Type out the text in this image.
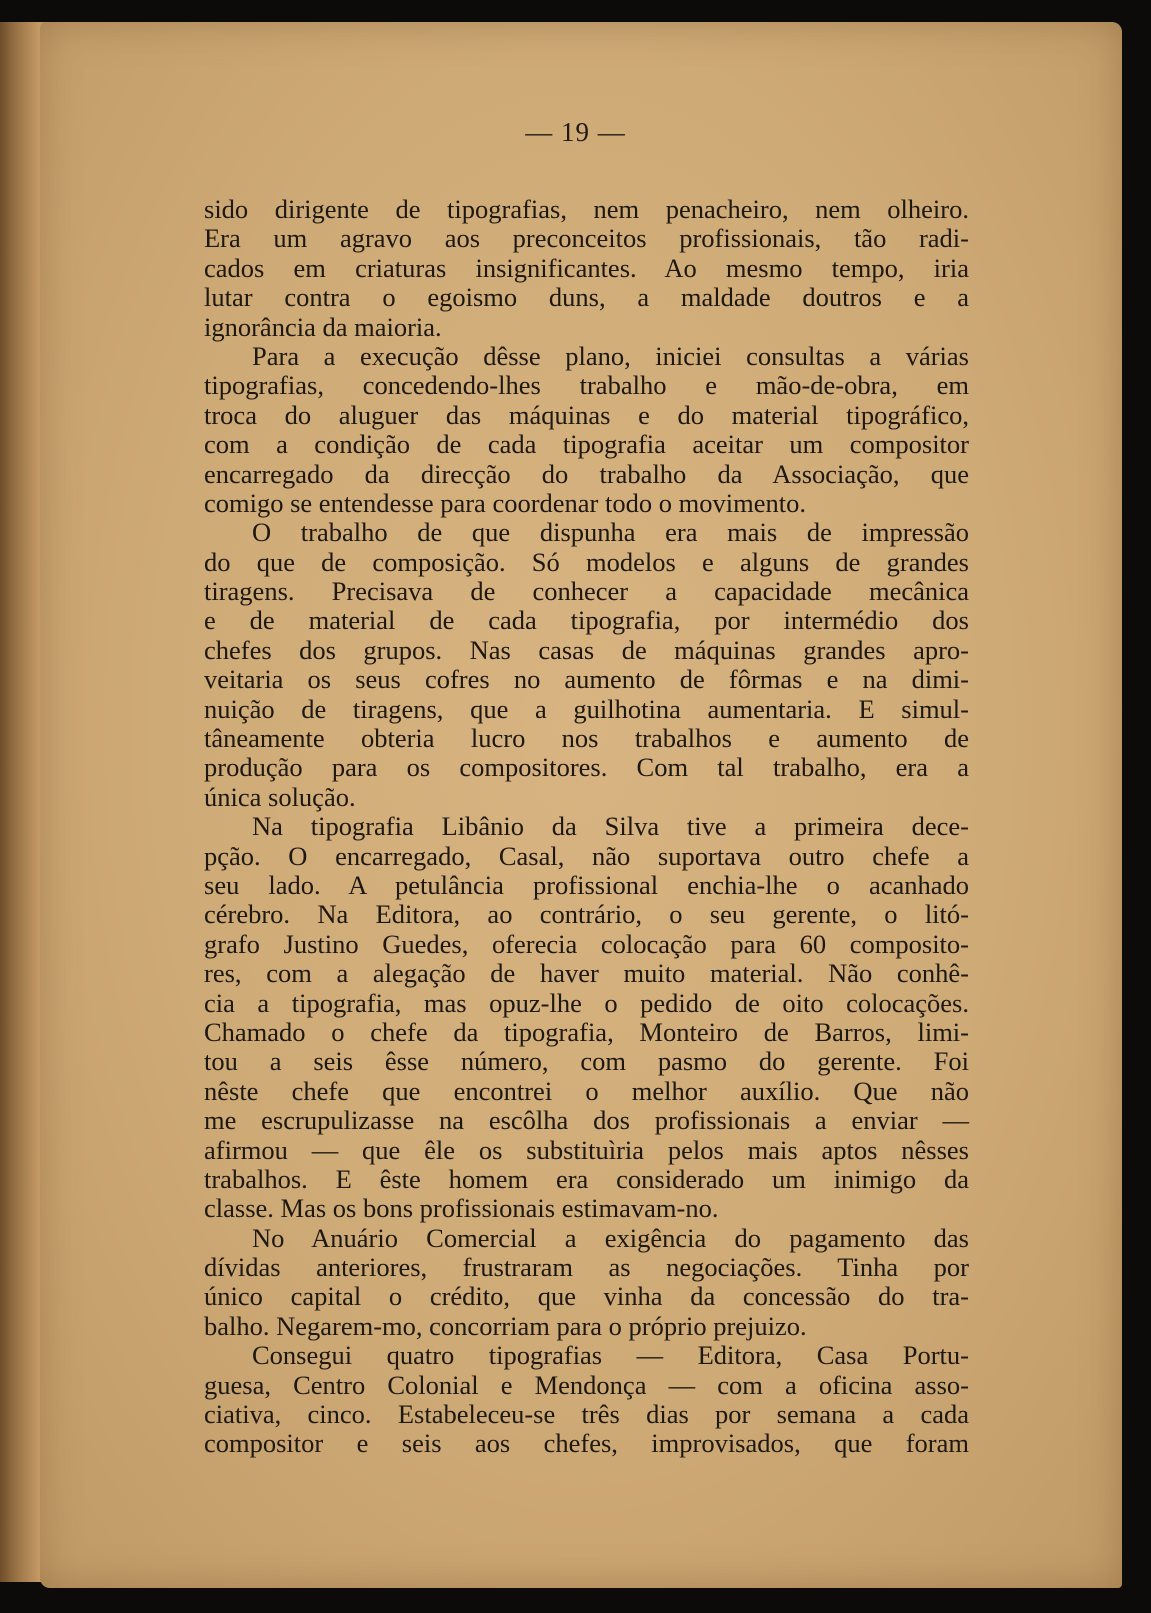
— 19 —
sido dirigente de tipografias, nem penacheiro, nem olheiro.
Era um agravo aos preconceitos profissionais, tão radi-
cados em criaturas insignificantes. Ao mesmo tempo, iria
lutar contra o egoismo duns, a maldade doutros e a
ignorância da maioria.
Para a execução dêsse plano, iniciei consultas a várias
tipografias, concedendo-lhes trabalho e mão-de-obra, em
troca do aluguer das máquinas e do material tipográfico,
com a condição de cada tipografia aceitar um compositor
encarregado da direcção do trabalho da Associação, que
comigo se entendesse para coordenar todo o movimento.
O trabalho de que dispunha era mais de impressão
do que de composição. Só modelos e alguns de grandes
tiragens. Precisava de conhecer a capacidade mecânica
e de material de cada tipografia, por intermédio dos
chefes dos grupos. Nas casas de máquinas grandes apro-
veitaria os seus cofres no aumento de fôrmas e na dimi-
nuição de tiragens, que a guilhotina aumentaria. E simul-
tâneamente obteria lucro nos trabalhos e aumento de
produção para os compositores. Com tal trabalho, era a
única solução.
Na tipografia Libânio da Silva tive a primeira dece-
pção. O encarregado, Casal, não suportava outro chefe a
seu lado. A petulância profissional enchia-lhe o acanhado
cérebro. Na Editora, ao contrário, o seu gerente, o litó-
grafo Justino Guedes, oferecia colocação para 60 composito-
res, com a alegação de haver muito material. Não conhê-
cia a tipografia, mas opuz-lhe o pedido de oito colocações.
Chamado o chefe da tipografia, Monteiro de Barros, limi-
tou a seis êsse número, com pasmo do gerente. Foi
nêste chefe que encontrei o melhor auxílio. Que não
me escrupulizasse na escôlha dos profissionais a enviar —
afirmou — que êle os substituìria pelos mais aptos nêsses
trabalhos. E êste homem era considerado um inimigo da
classe. Mas os bons profissionais estimavam-no.
No Anuário Comercial a exigência do pagamento das
dívidas anteriores, frustraram as negociações. Tinha por
único capital o crédito, que vinha da concessão do tra-
balho. Negarem-mo, concorriam para o próprio prejuizo.
Consegui quatro tipografias — Editora, Casa Portu-
guesa, Centro Colonial e Mendonça — com a oficina asso-
ciativa, cinco. Estabeleceu-se três dias por semana a cada
compositor e seis aos chefes, improvisados, que foram
